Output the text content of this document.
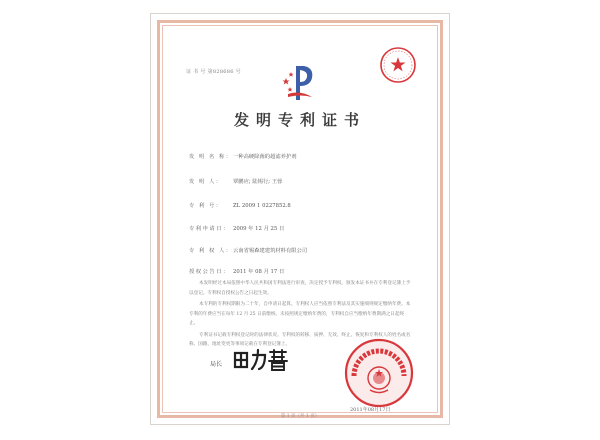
证 书 号 第828686 号
发明专利证书
发 明 名 称：一种高硬除菌的超滤养护剂
发 明 人： 覃鹏应; 陆锡行; 王蓉
专 利 号： ZL 2009 1 0227852.8
专利申请日： 2009 年 12 月 25 日
专 利 权 人：云南省锡森建建筑材料有限公司
授权公告日： 2011 年 08 月 17 日

本发明经过本局依照中华人民共和国专利法进行审查，决定授予专利权，颁发本证书并在专利登记簿上予以登记。专利权自授权公告之日起生效。

本专利的专利权期限为二十年，自申请日起算。专利权人应当依照专利法及其实施细则规定缴纳年费。本专利的年费应当在每年 12 月 25 日前缴纳。未按照规定缴纳年费的，专利权自应当缴纳年费期满之日起终止。

专利证书记载专利权登记时的法律状况。专利权的转移、质押、无效、终止、恢复和专利权人的姓名或名称、国籍、地址变更等事项记载在专利登记簿上。

局长
2011年08月17日
第 1 页（共 1 页）
